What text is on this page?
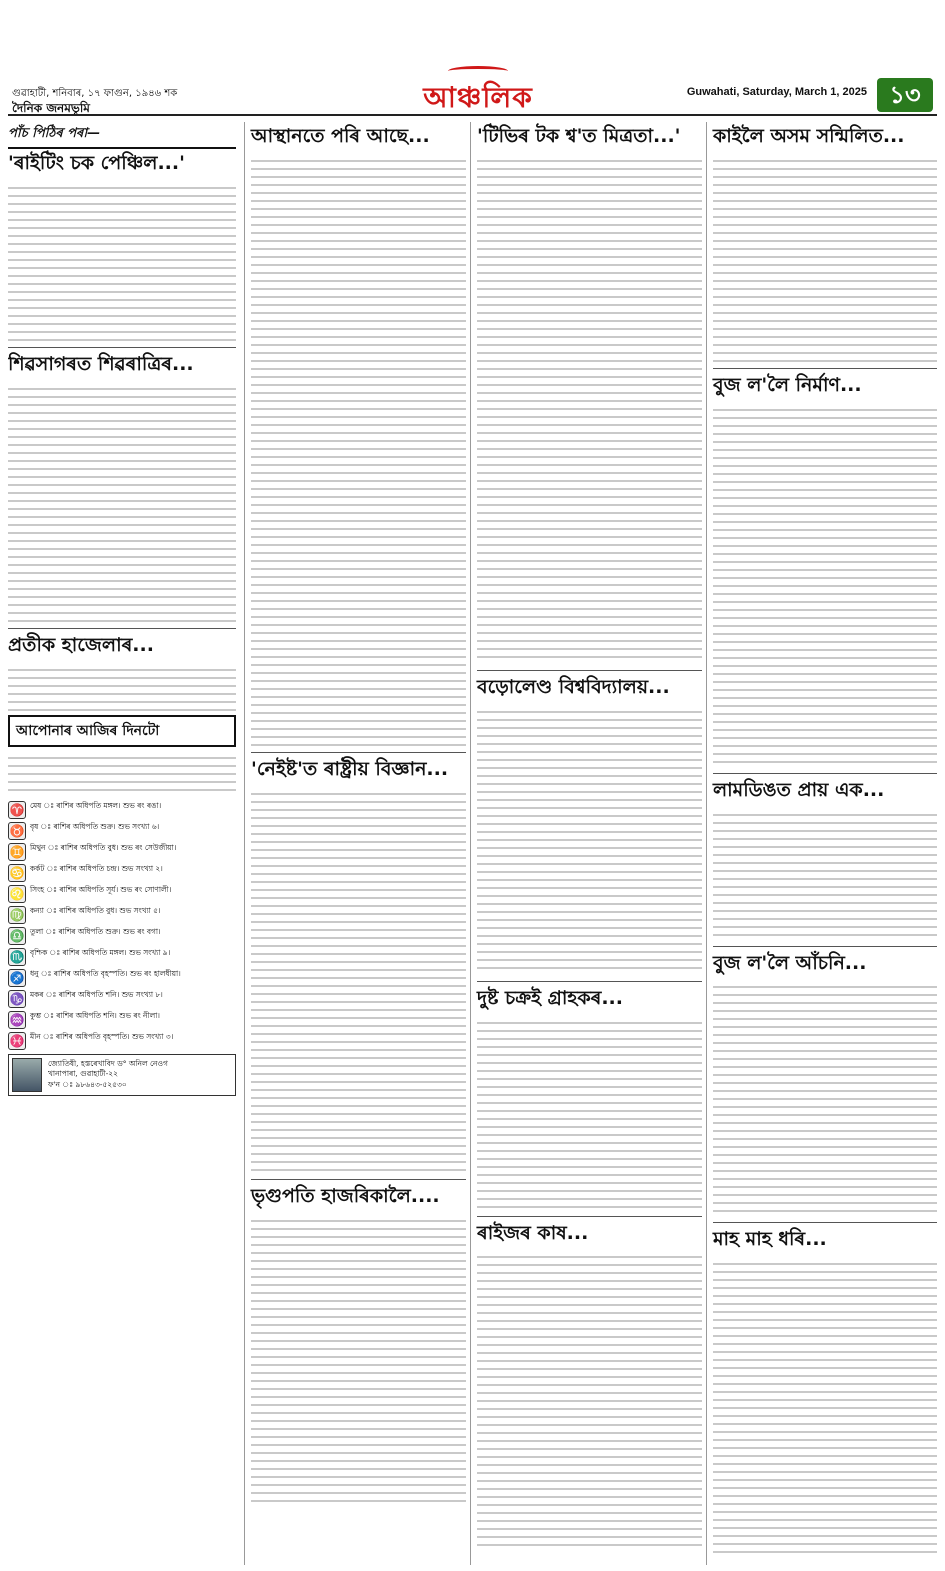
গুৱাহাটী, শনিবাৰ, ১৭ ফাগুন, ১৯৪৬ শক
দৈনিক জনমভূমি	আঞ্চলিক	Guwahati, Saturday, March 1, 2025 ১৩
পাঁচ পিঠিৰ পৰা—
'ৰাইটিং চক পেঞ্চিল...'
শিৱসাগৰত শিৱৰাত্ৰিৰ...
প্ৰতীক হাজেলাৰ...
আপোনাৰ আজিৰ দিনটো
♈ মেষ ঃ ৰাশিৰ অধিপতি মঙ্গল। শুভ ৰং ৰঙা।
♉ বৃষ ঃ ৰাশিৰ অধিপতি শুক্ৰ। শুভ সংখ্যা ৬।
♊ মিথুন ঃ ৰাশিৰ অধিপতি বুধ। শুভ ৰং সেউজীয়া।
♋ কৰ্কট ঃ ৰাশিৰ অধিপতি চন্দ্ৰ। শুভ সংখ্যা ২।
♌ সিংহ ঃ ৰাশিৰ অধিপতি সূৰ্য। শুভ ৰং সোণালী।
♍ কন্যা ঃ ৰাশিৰ অধিপতি বুধ। শুভ সংখ্যা ৫।
♎ তুলা ঃ ৰাশিৰ অধিপতি শুক্ৰ। শুভ ৰং বগা।
♏ বৃশ্চিক ঃ ৰাশিৰ অধিপতি মঙ্গল। শুভ সংখ্যা ৯।
♐ ধনু ঃ ৰাশিৰ অধিপতি বৃহস্পতি। শুভ ৰং হালধীয়া।
♑ মকৰ ঃ ৰাশিৰ অধিপতি শনি। শুভ সংখ্যা ৮।
♒ কুম্ভ ঃ ৰাশিৰ অধিপতি শনি। শুভ ৰং নীলা।
♓ মীন ঃ ৰাশিৰ অধিপতি বৃহস্পতি। শুভ সংখ্যা ৩।
জ্যোতিষী, হস্তৰেখাবিদ ড° অনিল নেওগ
খানাপাৰা, গুৱাহাটী-২২
ফ'ন ঃ ৯৮৬৪৩-৫২৫৩০
আস্থানতে পৰি আছে...
'নেইষ্ট'ত ৰাষ্ট্ৰীয় বিজ্ঞান...
ভৃগুপতি হাজৰিকালৈ....
'টিভিৰ টক শ্ব'ত মিত্ৰতা...'
বড়োলেণ্ড বিশ্ববিদ্যালয়...
দুষ্ট চক্ৰই গ্ৰাহকৰ...
ৰাইজৰ কাষ...
কাইলৈ অসম সন্মিলিত...
বুজ ল'লৈ নিৰ্মাণ...
লামডিঙত প্ৰায় এক...
বুজ ল'লৈ আঁচনি...
মাহ মাহ ধৰি...
